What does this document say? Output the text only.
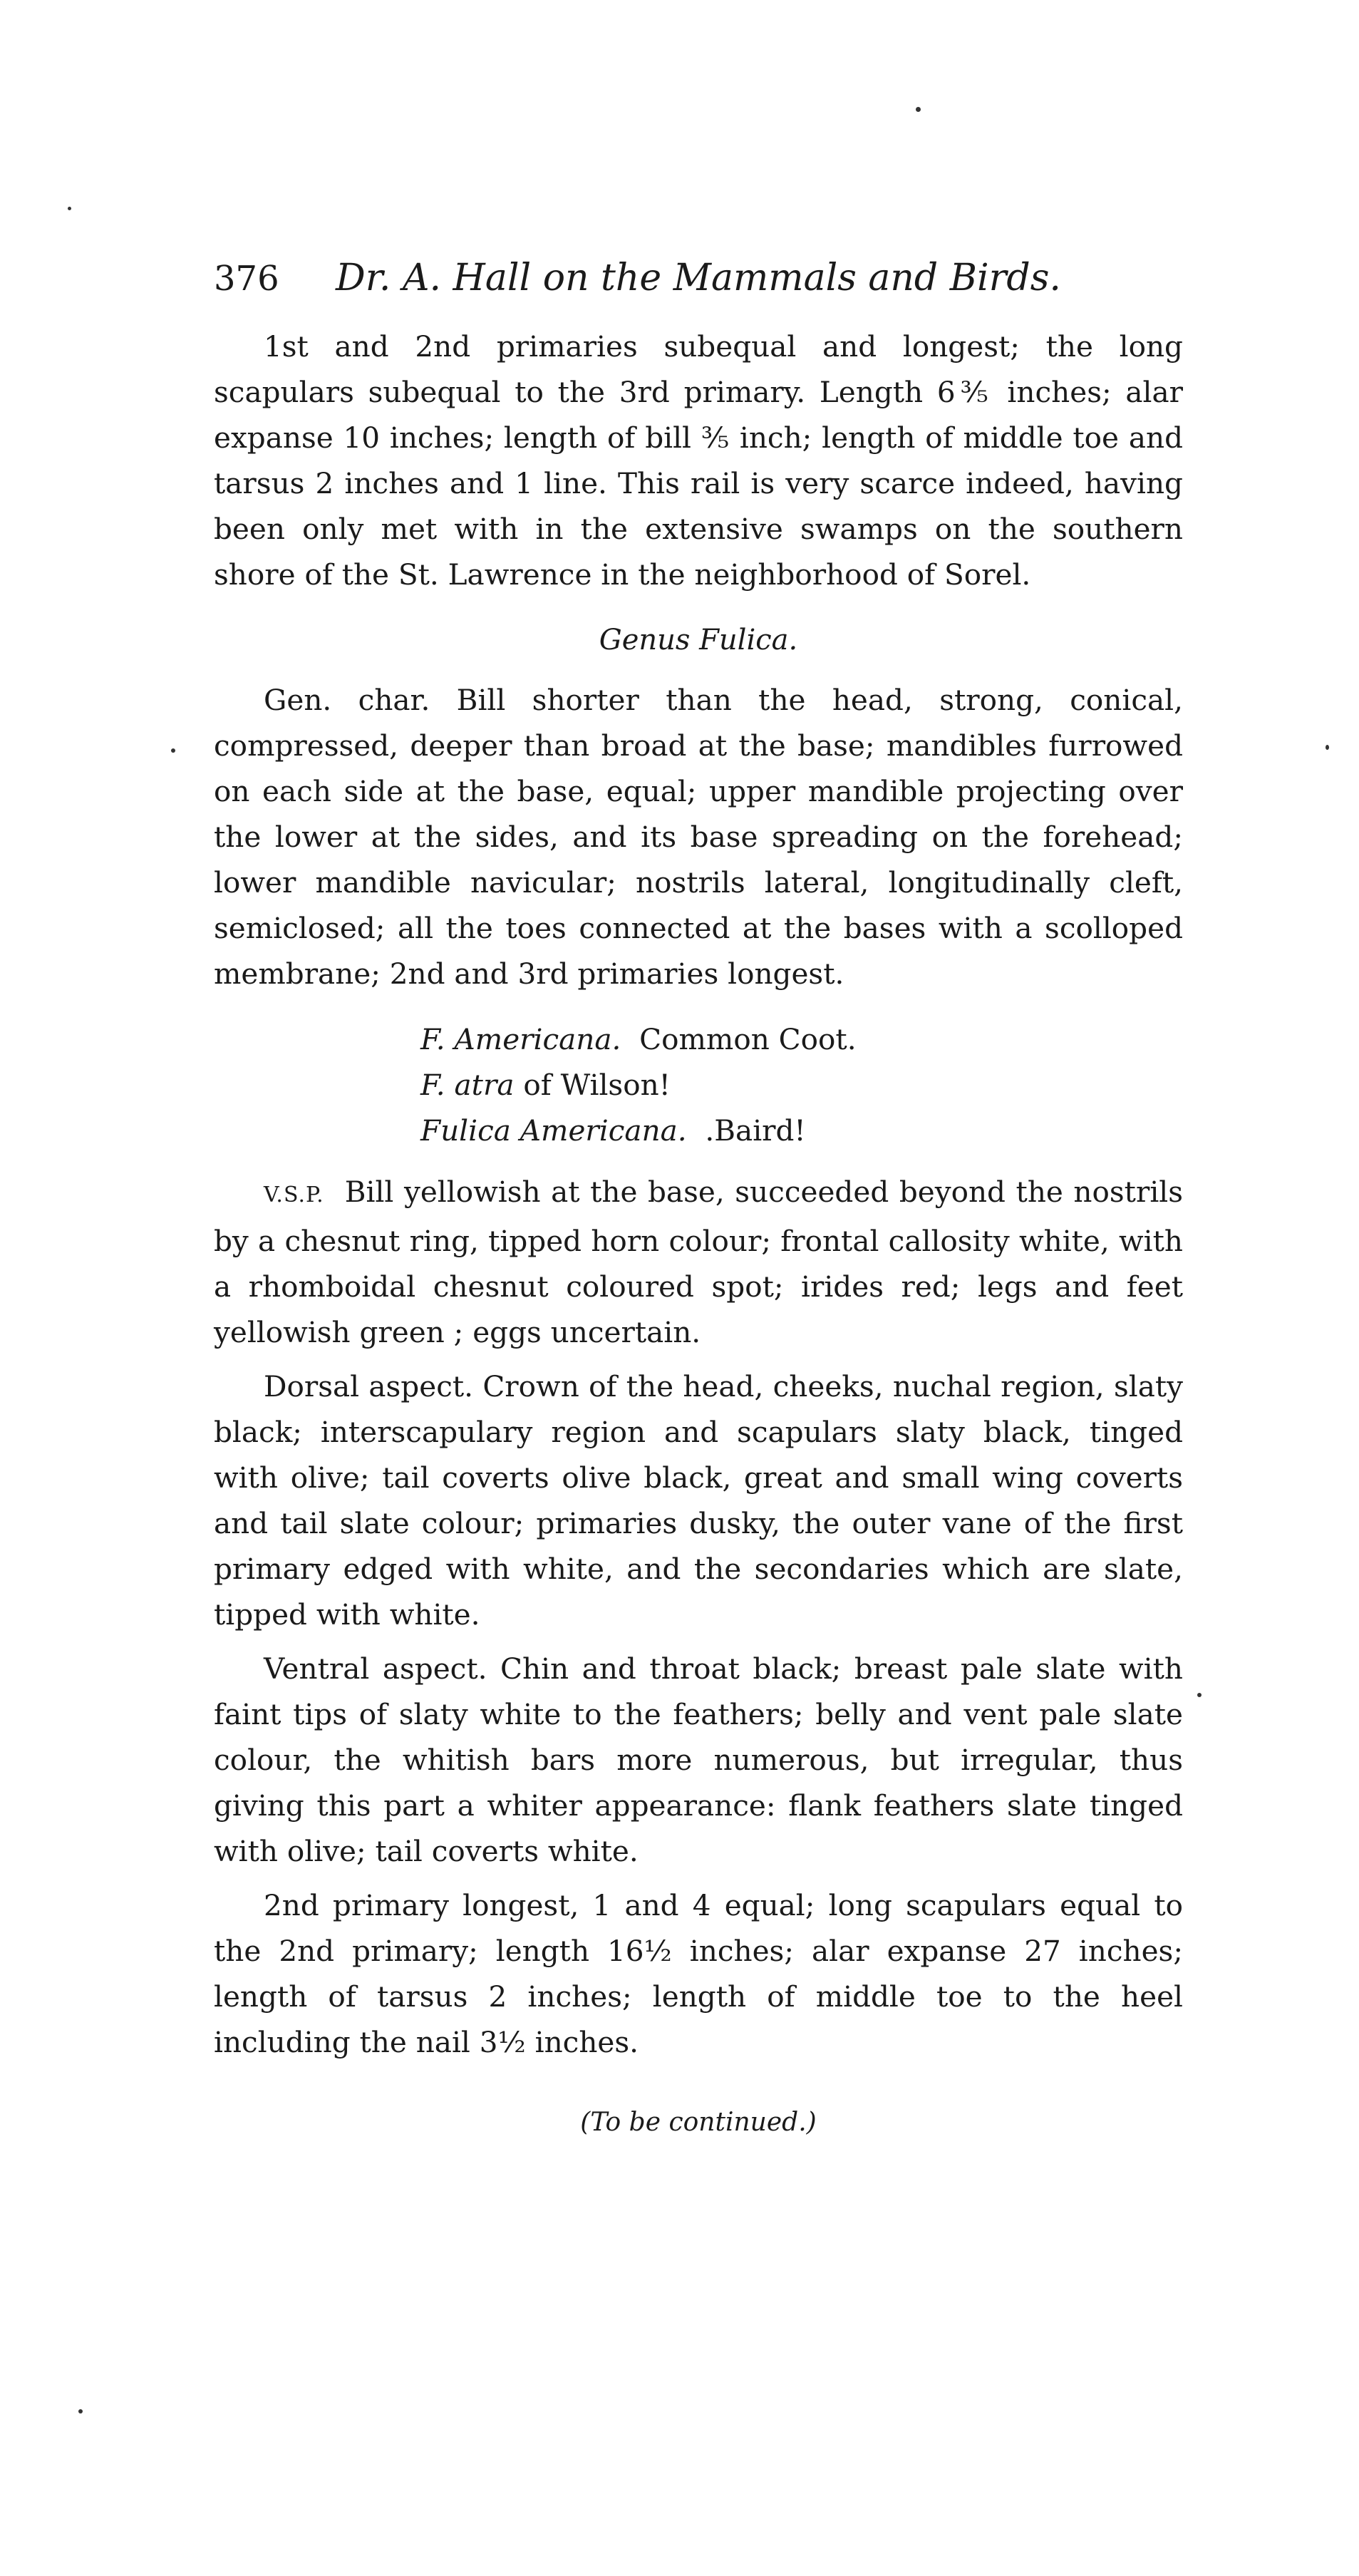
376	Dr. A. Hall on the Mammals and Birds.

1st and 2nd primaries subequal and longest; the long scapulars subequal to the 3rd primary. Length 6⅗ inches; alar expanse 10 inches; length of bill ⅗ inch; length of middle toe and tarsus 2 inches and 1 line. This rail is very scarce indeed, having been only met with in the extensive swamps on the southern shore of the St. Lawrence in the neighborhood of Sorel.

Genus Fulica.

Gen. char. Bill shorter than the head, strong, conical, compressed, deeper than broad at the base; mandibles furrowed on each side at the base, equal; upper mandible projecting over the lower at the sides, and its base spreading on the forehead; lower mandible navicular; nostrils lateral, longitudinally cleft, semiclosed; all the toes connected at the bases with a scolloped membrane; 2nd and 3rd primaries longest.

F. Americana. Common Coot.
F. atra of Wilson!
Fulica Americana. .Baird!

V.S.P. Bill yellowish at the base, succeeded beyond the nostrils by a chesnut ring, tipped horn colour; frontal callosity white, with a rhomboidal chesnut coloured spot; irides red; legs and feet yellowish green ; eggs uncertain.

Dorsal aspect. Crown of the head, cheeks, nuchal region, slaty black; interscapulary region and scapulars slaty black, tinged with olive; tail coverts olive black, great and small wing coverts and tail slate colour; primaries dusky, the outer vane of the first primary edged with white, and the secondaries which are slate, tipped with white.

Ventral aspect. Chin and throat black; breast pale slate with faint tips of slaty white to the feathers; belly and vent pale slate colour, the whitish bars more numerous, but irregular, thus giving this part a whiter appearance: flank feathers slate tinged with olive; tail coverts white.

2nd primary longest, 1 and 4 equal; long scapulars equal to the 2nd primary; length 16½ inches; alar expanse 27 inches; length of tarsus 2 inches; length of middle toe to the heel including the nail 3½ inches.

(To be continued.)
